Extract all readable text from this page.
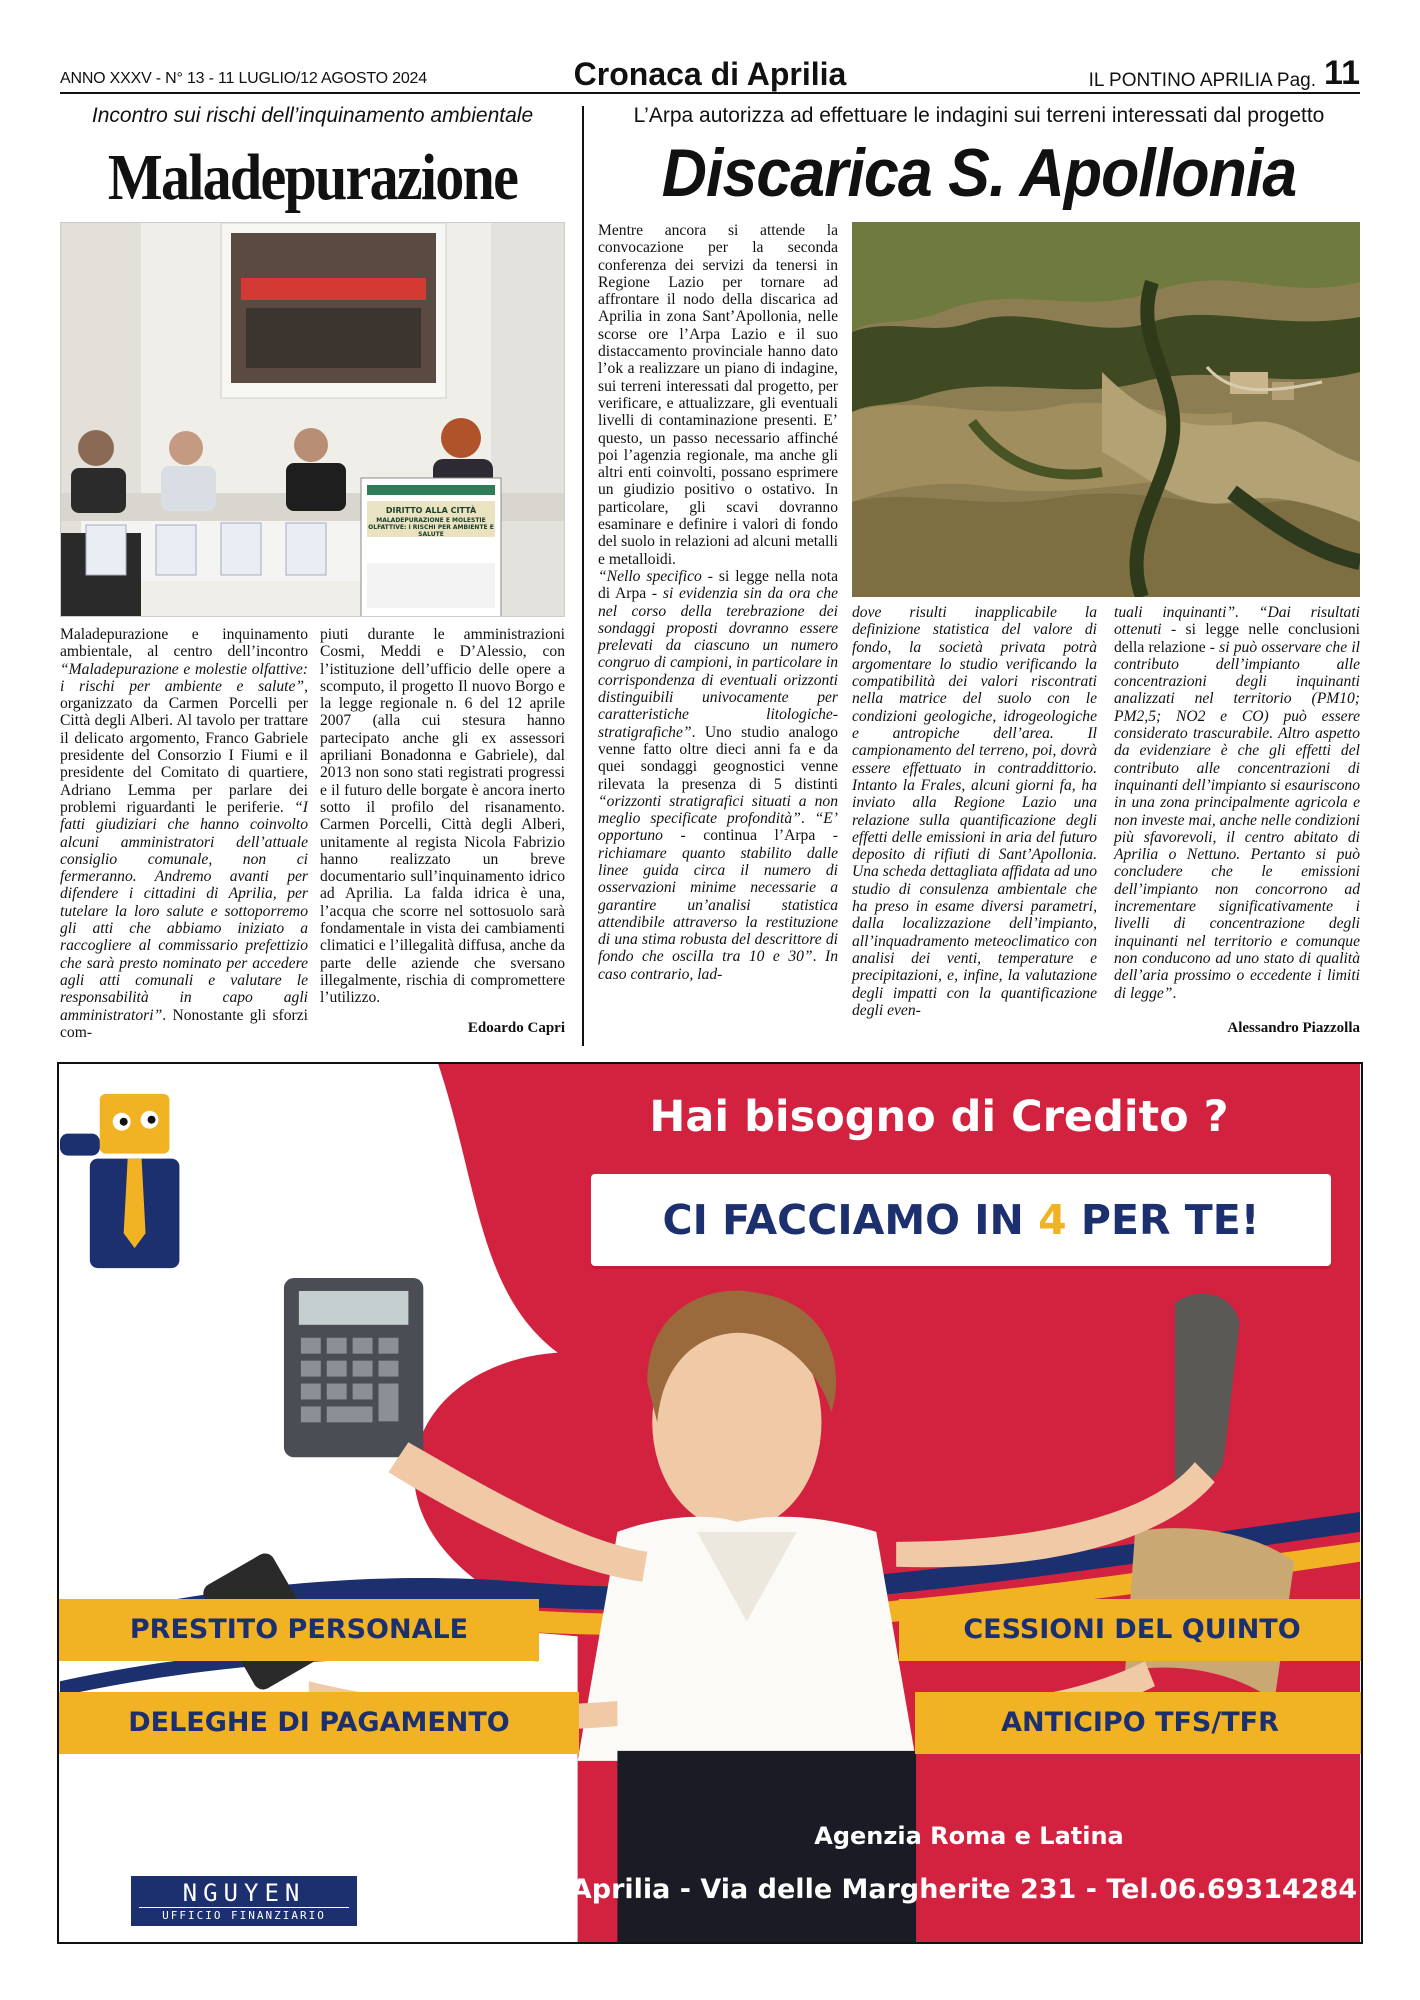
ANNO XXXV - N° 13 - 11 LUGLIO/12 AGOSTO 2024	Cronaca di Aprilia	IL PONTINO APRILIA Pag. 11
Incontro sui rischi dell’inquinamento ambientale
Maladepurazione
DIRITTO ALLA CITTÀ
MALADEPURAZIONE E MOLESTIE OLFATTIVE: I RISCHI PER AMBIENTE E SALUTE

Maladepurazione e inquinamento ambientale, al centro dell’incontro “Maladepurazione e molestie olfattive: i rischi per ambiente e salute”, organizzato da Carmen Porcelli per Città degli Alberi. Al tavolo per trattare il delicato argomento, Franco Gabriele presidente del Consorzio I Fiumi e il presidente del Comitato di quartiere, Adriano Lemma per parlare dei problemi riguardanti le periferie. “I fatti giudiziari che hanno coinvolto alcuni amministratori dell’attuale consiglio comunale, non ci fermeranno. Andremo avanti per difendere i cittadini di Aprilia, per tutelare la loro salute e sottoporremo gli atti che abbiamo iniziato a raccogliere al commissario prefettizio che sarà presto nominato per accedere agli atti comunali e valutare le responsabilità in capo agli amministratori”. Nonostante gli sforzi com-

piuti durante le amministrazioni Cosmi, Meddi e D’Alessio, con l’istituzione dell’ufficio delle opere a scomputo, il progetto Il nuovo Borgo e la legge regionale n. 6 del 12 aprile 2007 (alla cui stesura hanno partecipato anche gli ex assessori apriliani Bonadonna e Gabriele), dal 2013 non sono stati registrati progressi e il futuro delle borgate è ancora inerto sotto il profilo del risanamento. Carmen Porcelli, Città degli Alberi, unitamente al regista Nicola Fabrizio hanno realizzato un breve documentario sull’inquinamento idrico ad Aprilia. La falda idrica è una, l’acqua che scorre nel sottosuolo sarà fondamentale in vista dei cambiamenti climatici e l’illegalità diffusa, anche da parte delle aziende che sversano illegalmente, rischia di compromettere l’utilizzo.

Edoardo Capri
L’Arpa autorizza ad effettuare le indagini sui terreni interessati dal progetto
Discarica S. Apollonia

Mentre ancora si attende la convocazione per la seconda conferenza dei servizi da tenersi in Regione Lazio per tornare ad affrontare il nodo della discarica ad Aprilia in zona Sant’Apollonia, nelle scorse ore l’Arpa Lazio e il suo distaccamento provinciale hanno dato l’ok a realizzare un piano di indagine, sui terreni interessati dal progetto, per verificare, e attualizzare, gli eventuali livelli di contaminazione presenti. E’ questo, un passo necessario affinché poi l’agenzia regionale, ma anche gli altri enti coinvolti, possano esprimere un giudizio positivo o ostativo. In particolare, gli scavi dovranno esaminare e definire i valori di fondo del suolo in relazioni ad alcuni metalli e metalloidi.
“Nello specifico - si legge nella nota di Arpa - si evidenzia sin da ora che nel corso della terebrazione dei sondaggi proposti dovranno essere prelevati da ciascuno un numero congruo di campioni, in particolare in corrispondenza di eventuali orizzonti distinguibili univocamente per caratteristiche litologiche-stratigrafiche”. Uno studio analogo venne fatto oltre dieci anni fa e da quei sondaggi geognostici venne rilevata la presenza di 5 distinti “orizzonti stratigrafici situati a non meglio specificate profondità”. “E’ opportuno - continua l’Arpa - richiamare quanto stabilito dalle linee guida circa il numero di osservazioni minime necessarie a garantire un’analisi statistica attendibile attraverso la restituzione di una stima robusta del descrittore di fondo che oscilla tra 10 e 30”. In caso contrario, lad-

dove risulti inapplicabile la definizione statistica del valore di fondo, la società privata potrà argomentare lo studio verificando la compatibilità dei valori riscontrati nella matrice del suolo con le condizioni geologiche, idrogeologiche e antropiche dell’area. Il campionamento del terreno, poi, dovrà essere effettuato in contraddittorio. Intanto la Frales, alcuni giorni fa, ha inviato alla Regione Lazio una relazione sulla quantificazione degli effetti delle emissioni in aria del futuro deposito di rifiuti di Sant’Apollonia. Una scheda dettagliata affidata ad uno studio di consulenza ambientale che ha preso in esame diversi parametri, dalla localizzazione dell’impianto, all’inquadramento meteoclimatico con analisi dei venti, temperature e precipitazioni, e, infine, la valutazione degli impatti con la quantificazione degli even-

tuali inquinanti”. “Dai risultati ottenuti - si legge nelle conclusioni della relazione - si può osservare che il contributo dell’impianto alle concentrazioni degli inquinanti analizzati nel territorio (PM10; PM2,5; NO2 e CO) può essere considerato trascurabile. Altro aspetto da evidenziare è che gli effetti del contributo alle concentrazioni di inquinanti dell’impianto si esauriscono in una zona principalmente agricola e non investe mai, anche nelle condizioni più sfavorevoli, il centro abitato di Aprilia o Nettuno. Pertanto si può concludere che le emissioni dell’impianto non concorrono ad incrementare significativamente i livelli di concentrazione degli inquinanti nel territorio e comunque non conducono ad uno stato di qualità dell’aria prossimo o eccedente i limiti di legge”.

Alessandro Piazzolla
Hai bisogno di Credito ?
CI FACCIAMO IN 4 PER TE!
PRESTITO PERSONALE
DELEGHE DI PAGAMENTO
CESSIONI DEL QUINTO
ANTICIPO TFS/TFR
Agenzia Roma e Latina
Aprilia - Via delle Margherite 231 - Tel.06.69314284
NGUYEN
UFFICIO FINANZIARIO
